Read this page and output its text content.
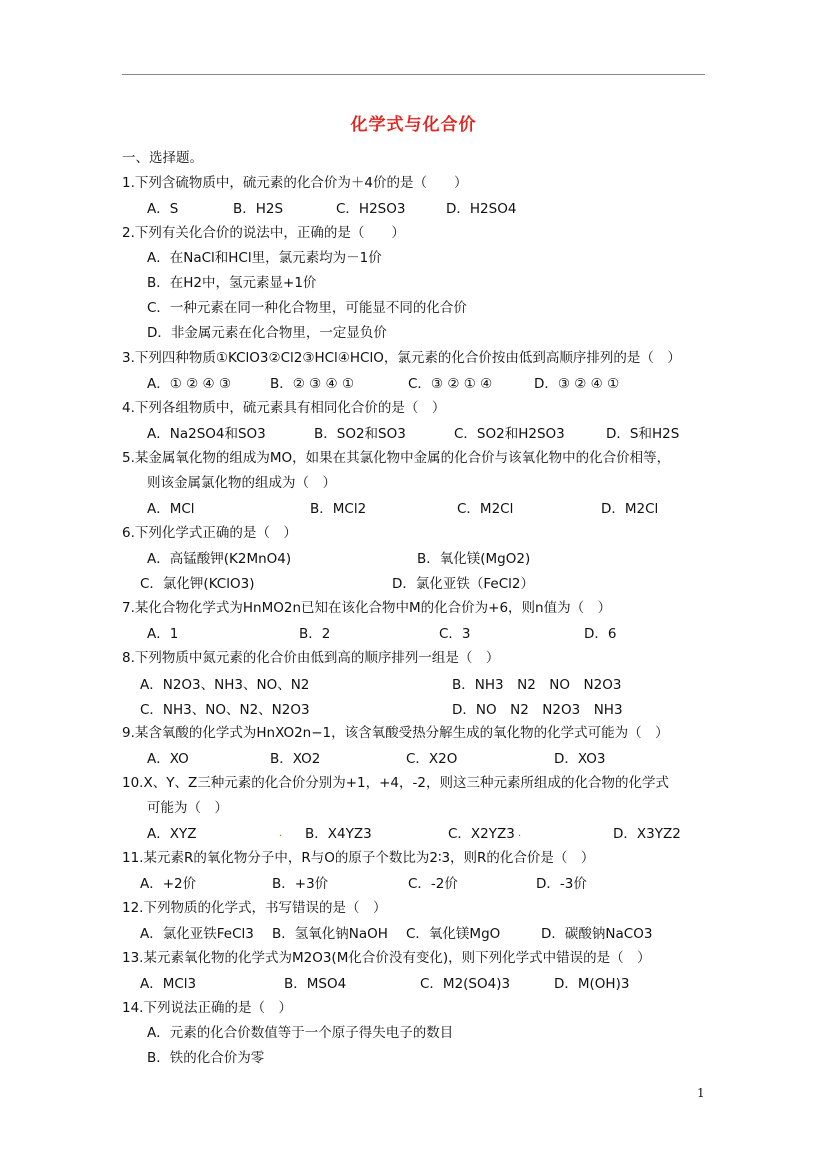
化学式与化合价
一、选择题。
1.下列含硫物质中，硫元素的化合价为＋4价的是（　　）
A．S	B．H2S	C．H2SO3	D．H2SO4
2.下列有关化合价的说法中，正确的是（　　）
A．在NaCl和HCl里，氯元素均为－1价
B．在H2中，氢元素显+1价
C．一种元素在同一种化合物里，可能显不同的化合价
D．非金属元素在化合物里，一定显负价
3.下列四种物质①KClO3②Cl2③HCl④HClO，氯元素的化合价按由低到高顺序排列的是（　）
A．① ② ④ ③	B．② ③ ④ ①	C．③ ② ① ④	D．③ ② ④ ①
4.下列各组物质中，硫元素具有相同化合价的是（　）
A．Na2SO4和SO3	B．SO2和SO3	C．SO2和H2SO3	D．S和H2S
5.某金属氧化物的组成为MO，如果在其氯化物中金属的化合价与该氧化物中的化合价相等，
则该金属氯化物的组成为（　）
A．MCl	B．MCl2	C．M2Cl	D．M2Cl
6.下列化学式正确的是（　）
A．高锰酸钾(K2MnO4)	B．氧化镁(MgO2)
C．氯化钾(KClO3)	D．氯化亚铁（FeCl2）
7.某化合物化学式为HnMO2n已知在该化合物中M的化合价为+6，则n值为（　）
A．1	B．2	C．3	D．6
8.下列物质中氮元素的化合价由低到高的顺序排列一组是（　）
A．N2O3、NH3、NO、N2	B．NH3　N2　NO　N2O3
C．NH3、NO、N2、N2O3	D．NO　N2　N2O3　NH3
9.某含氧酸的化学式为HnXO2n−1，该含氧酸受热分解生成的氧化物的化学式可能为（　）
A．XO	B．XO2	C．X2O	D．XO3
10.X、Y、Z三种元素的化合价分别为+1，+4，-2，则这三种元素所组成的化合物的化学式
可能为（　）
A．XYZ	. B．X4YZ3	C．X2YZ3 .	D．X3YZ2
11.某元素R的氧化物分子中，R与O的原子个数比为2∶3，则R的化合价是（　）
A．+2价	B．+3价	C．-2价	D．-3价
12.下列物质的化学式，书写错误的是（　）
A．氯化亚铁FeCl3 B．氢氧化钠NaOH C．氧化镁MgO	D．碳酸钠NaCO3
13.某元素氧化物的化学式为M2O3(M化合价没有变化)，则下列化学式中错误的是（　）
A．MCl3	B．MSO4	C．M2(SO4)3	D．M(OH)3
14.下列说法正确的是（　）
A．元素的化合价数值等于一个原子得失电子的数目
B．铁的化合价为零
1
